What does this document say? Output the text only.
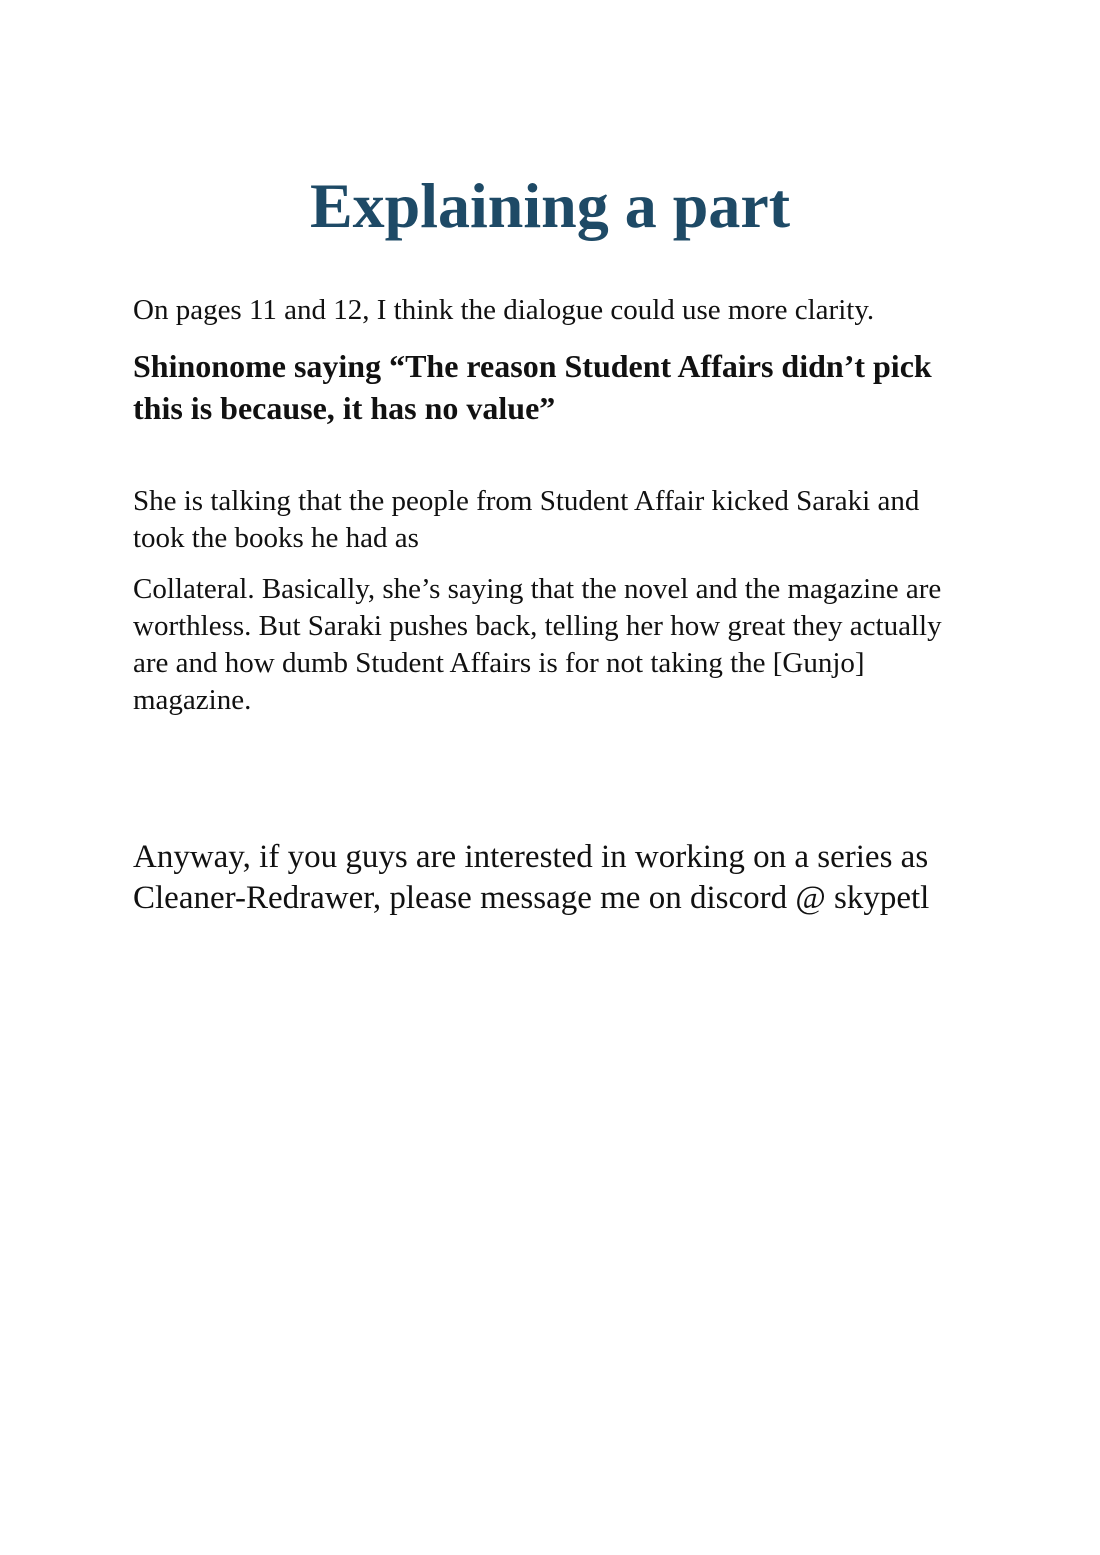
Explaining a part

On pages 11 and 12, I think the dialogue could use more clarity.

Shinonome saying “The reason Student Affairs didn’t pick this is because, it has no value”

She is talking that the people from Student Affair kicked Saraki and took the books he had as

Collateral. Basically, she’s saying that the novel and the magazine are worthless. But Saraki pushes back, telling her how great they actually are and how dumb Student Affairs is for not taking the [Gunjo] magazine.

Anyway, if you guys are interested in working on a series as Cleaner-Redrawer, please message me on discord @ skypetl
